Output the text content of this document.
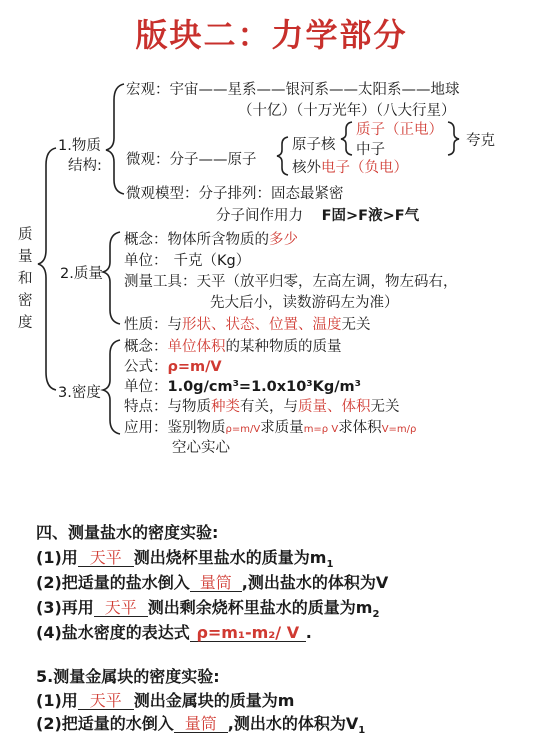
版块二：力学部分
质
量
和
密
度
1.物质
结构:
宏观：宇宙——星系——银河系——太阳系——地球
（十亿）（十万光年）（八大行星）
微观：分子——原子
原子核
质子（正电）
中子
夸克
核外电子（负电）
微观模型：分子排列：固态最紧密
分子间作用力 F固>F液>F气
2.质量
概念：物体所含物质的多少
单位： 千克（Kg）
测量工具：天平（放平归零，左高左调，物左码右，
先大后小，读数游码左为准）
性质：与形状、状态、位置、温度无关
3.密度
概念：单位体积的某种物质的质量
公式：ρ=m/V
单位：1.0g/cm³=1.0x10³Kg/m³
特点：与物质种类有关，与质量、体积无关
应用：鉴别物质ρ=m/V求质量m=ρ V求体积V=m/ρ
空心实心
四、测量盐水的密度实验:
(1)用 天平 测出烧杯里盐水的质量为$m_1$
(2)把适量的盐水倒入 量筒 ,测出盐水的体积为V
(3)再用 天平 测出剩余烧杯里盐水的质量为$m_2$
(4)盐水密度的表达式 ρ=m₁-m₂/ V .
5.测量金属块的密度实验:
(1)用 天平 测出金属块的质量为m
(2)把适量的水倒入 量筒 ,测出水的体积为$V_1$
